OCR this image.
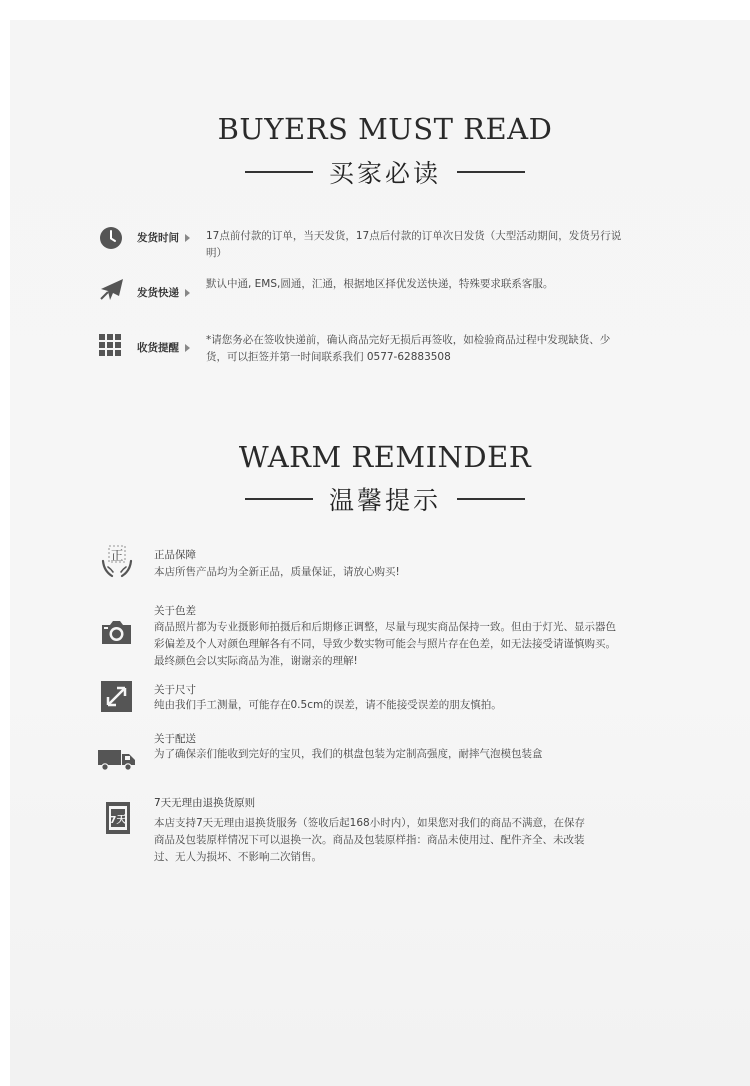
BUYERS MUST READ
买家必读
发货时间	17点前付款的订单，当天发货，17点后付款的订单次日发货（大型活动期间，发货另行说明）
发货快递
默认中通, EMS,圆通，汇通，根据地区择优发送快递，特殊要求联系客服。
收货提醒
*请您务必在签收快递前，确认商品完好无损后再签收，如检验商品过程中发现缺货、少货，可以拒签并第一时间联系我们 0577-62883508
WARM REMINDER
温馨提示
正	正品保障
本店所售产品均为全新正品，质量保证，请放心购买!
关于色差
商品照片都为专业摄影师拍摄后和后期修正调整，尽量与现实商品保持一致。但由于灯光、显示器色彩偏差及个人对颜色理解各有不同，导致少数实物可能会与照片存在色差，如无法接受请谨慎购买。最终颜色会以实际商品为准，谢谢亲的理解!
关于尺寸
纯由我们手工测量，可能存在0.5cm的误差，请不能接受误差的朋友慎拍。
关于配送
为了确保亲们能收到完好的宝贝，我们的棋盘包装为定制高强度，耐摔气泡模包装盒
7天
7天无理由退换货原则
本店支持7天无理由退换货服务（签收后起168小时内），如果您对我们的商品不满意，在保存商品及包装原样情况下可以退换一次。商品及包装原样指：商品未使用过、配件齐全、未改装过、无人为损坏、不影响二次销售。
